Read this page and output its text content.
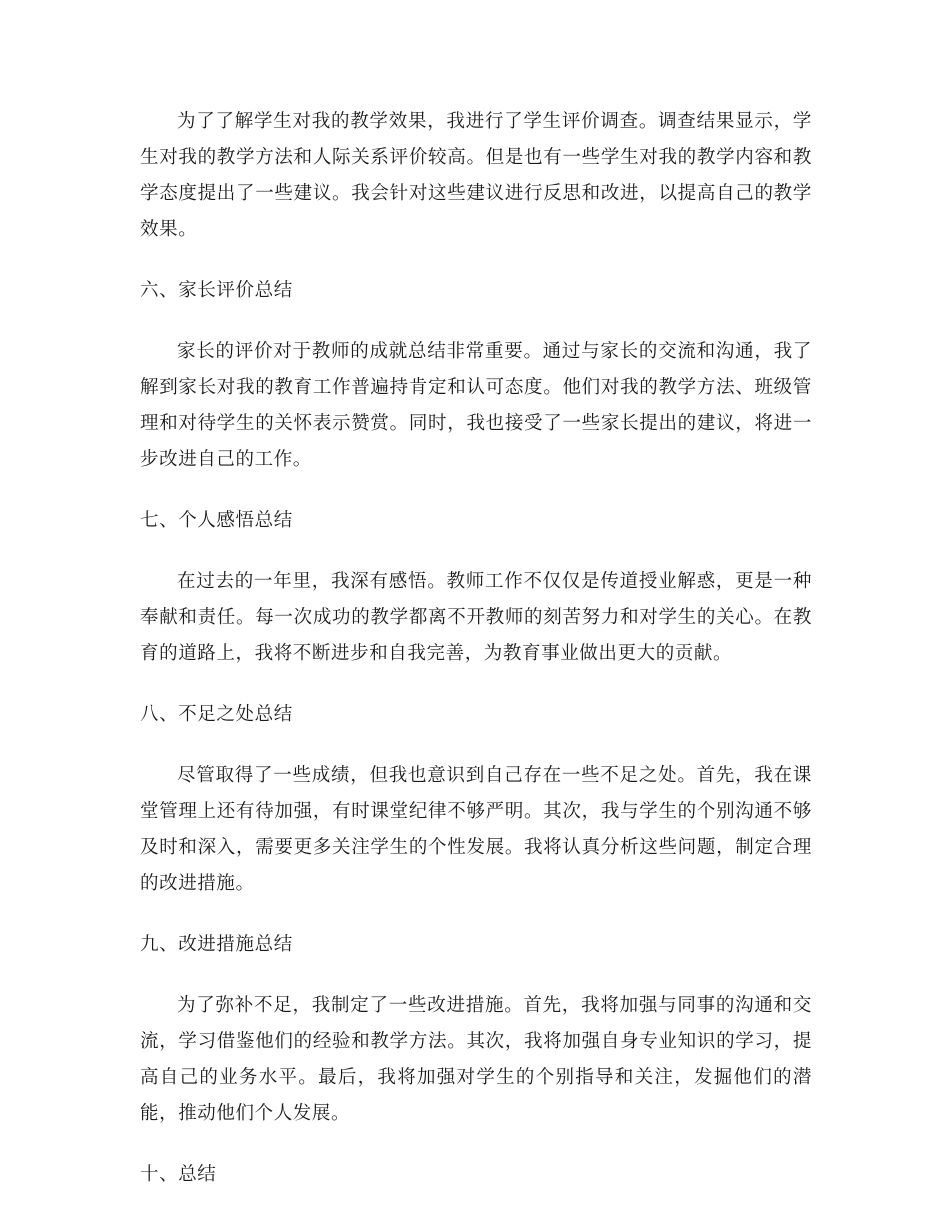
为了了解学生对我的教学效果，我进行了学生评价调查。调查结果显示，学生对我的教学方法和人际关系评价较高。但是也有一些学生对我的教学内容和教学态度提出了一些建议。我会针对这些建议进行反思和改进，以提高自己的教学效果。

六、家长评价总结

家长的评价对于教师的成就总结非常重要。通过与家长的交流和沟通，我了解到家长对我的教育工作普遍持肯定和认可态度。他们对我的教学方法、班级管理和对待学生的关怀表示赞赏。同时，我也接受了一些家长提出的建议，将进一步改进自己的工作。

七、个人感悟总结

在过去的一年里，我深有感悟。教师工作不仅仅是传道授业解惑，更是一种奉献和责任。每一次成功的教学都离不开教师的刻苦努力和对学生的关心。在教育的道路上，我将不断进步和自我完善，为教育事业做出更大的贡献。

八、不足之处总结

尽管取得了一些成绩，但我也意识到自己存在一些不足之处。首先，我在课堂管理上还有待加强，有时课堂纪律不够严明。其次，我与学生的个别沟通不够及时和深入，需要更多关注学生的个性发展。我将认真分析这些问题，制定合理的改进措施。

九、改进措施总结

为了弥补不足，我制定了一些改进措施。首先，我将加强与同事的沟通和交流，学习借鉴他们的经验和教学方法。其次，我将加强自身专业知识的学习，提高自己的业务水平。最后，我将加强对学生的个别指导和关注，发掘他们的潜能，推动他们个人发展。

十、总结
